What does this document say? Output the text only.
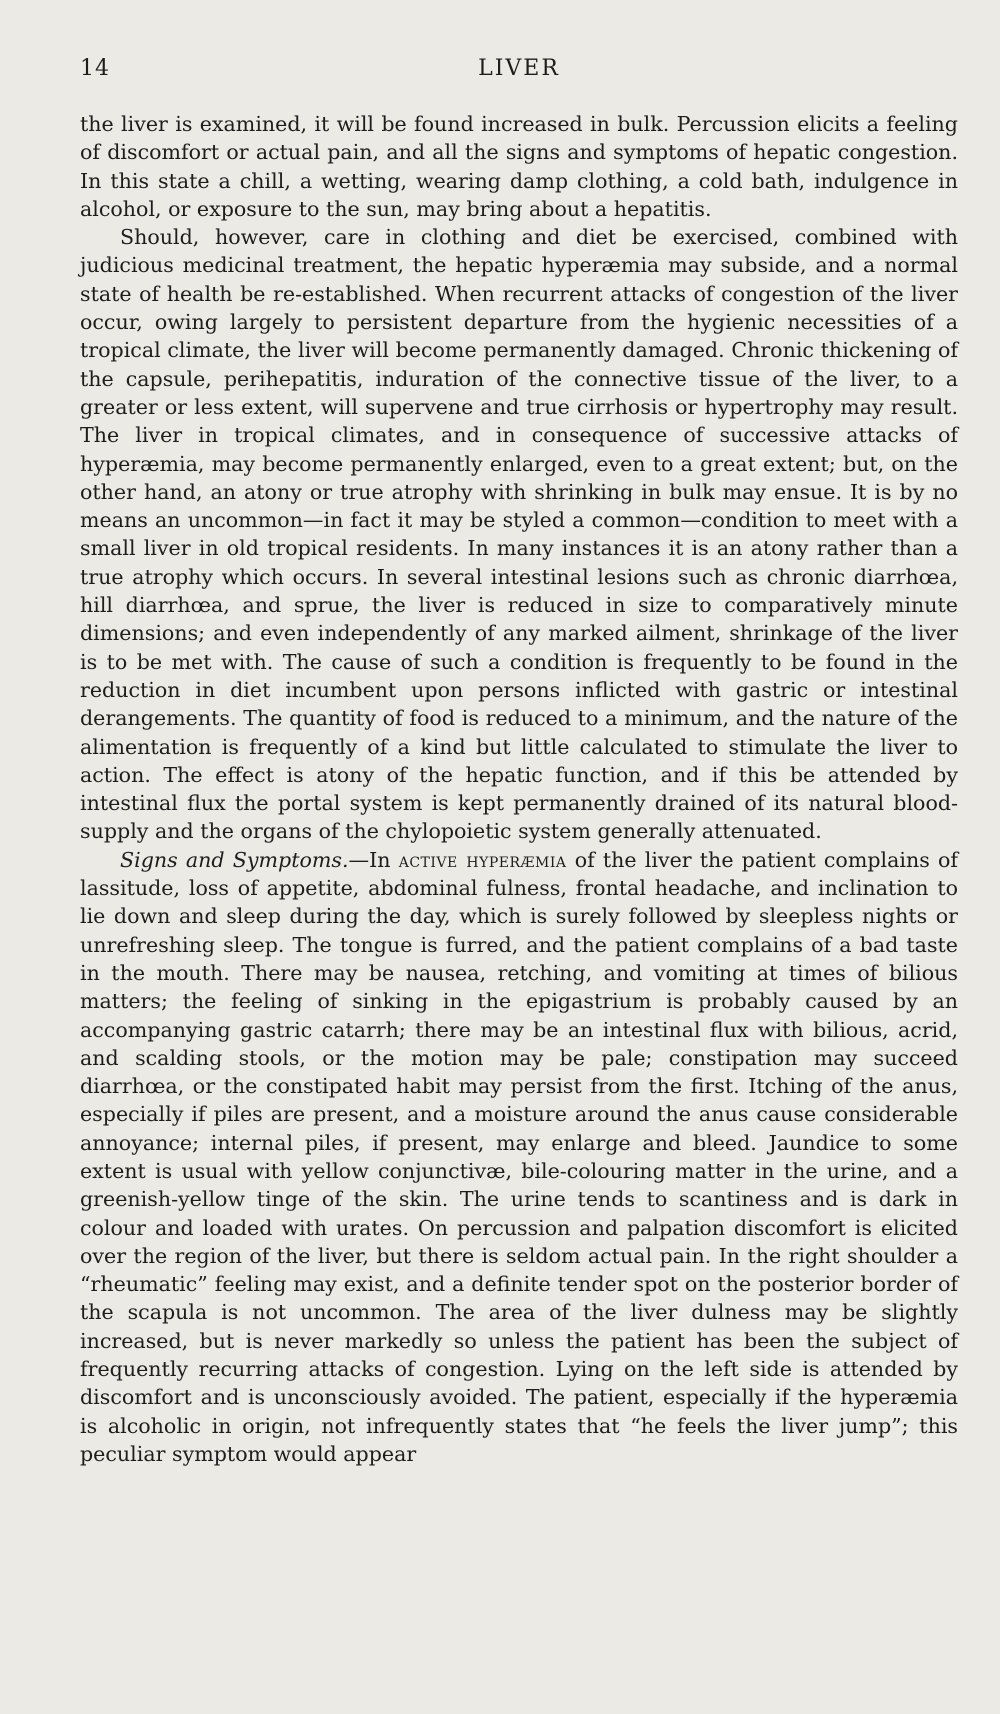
14	LIVER

the liver is examined, it will be found increased in bulk. Percussion elicits a feeling of discomfort or actual pain, and all the signs and symptoms of hepatic congestion. In this state a chill, a wetting, wearing damp clothing, a cold bath, indulgence in alcohol, or exposure to the sun, may bring about a hepatitis.

Should, however, care in clothing and diet be exercised, combined with judicious medicinal treatment, the hepatic hyperæmia may subside, and a normal state of health be re-established. When recurrent attacks of congestion of the liver occur, owing largely to persistent departure from the hygienic necessities of a tropical climate, the liver will become permanently damaged. Chronic thickening of the capsule, perihepatitis, induration of the connective tissue of the liver, to a greater or less extent, will supervene and true cirrhosis or hypertrophy may result. The liver in tropical climates, and in consequence of successive attacks of hyperæmia, may become permanently enlarged, even to a great extent; but, on the other hand, an atony or true atrophy with shrinking in bulk may ensue. It is by no means an uncommon—in fact it may be styled a common—condition to meet with a small liver in old tropical residents. In many instances it is an atony rather than a true atrophy which occurs. In several intestinal lesions such as chronic diarrhœa, hill diarrhœa, and sprue, the liver is reduced in size to comparatively minute dimensions; and even independently of any marked ailment, shrinkage of the liver is to be met with. The cause of such a condition is frequently to be found in the reduction in diet incumbent upon persons inflicted with gastric or intestinal derangements. The quantity of food is reduced to a minimum, and the nature of the alimentation is frequently of a kind but little calculated to stimulate the liver to action. The effect is atony of the hepatic function, and if this be attended by intestinal flux the portal system is kept permanently drained of its natural blood-supply and the organs of the chylopoietic system generally attenuated.

Signs and Symptoms.—In active hyperæmia of the liver the patient complains of lassitude, loss of appetite, abdominal fulness, frontal headache, and inclination to lie down and sleep during the day, which is surely followed by sleepless nights or unrefreshing sleep. The tongue is furred, and the patient complains of a bad taste in the mouth. There may be nausea, retching, and vomiting at times of bilious matters; the feeling of sinking in the epigastrium is probably caused by an accompanying gastric catarrh; there may be an intestinal flux with bilious, acrid, and scalding stools, or the motion may be pale; constipation may succeed diarrhœa, or the constipated habit may persist from the first. Itching of the anus, especially if piles are present, and a moisture around the anus cause considerable annoyance; internal piles, if present, may enlarge and bleed. Jaundice to some extent is usual with yellow conjunctivæ, bile-colouring matter in the urine, and a greenish-yellow tinge of the skin. The urine tends to scantiness and is dark in colour and loaded with urates. On percussion and palpation discomfort is elicited over the region of the liver, but there is seldom actual pain. In the right shoulder a “rheumatic” feeling may exist, and a definite tender spot on the posterior border of the scapula is not uncommon. The area of the liver dulness may be slightly increased, but is never markedly so unless the patient has been the subject of frequently recurring attacks of congestion. Lying on the left side is attended by discomfort and is unconsciously avoided. The patient, especially if the hyperæmia is alcoholic in origin, not infrequently states that “he feels the liver jump”; this peculiar symptom would appear
